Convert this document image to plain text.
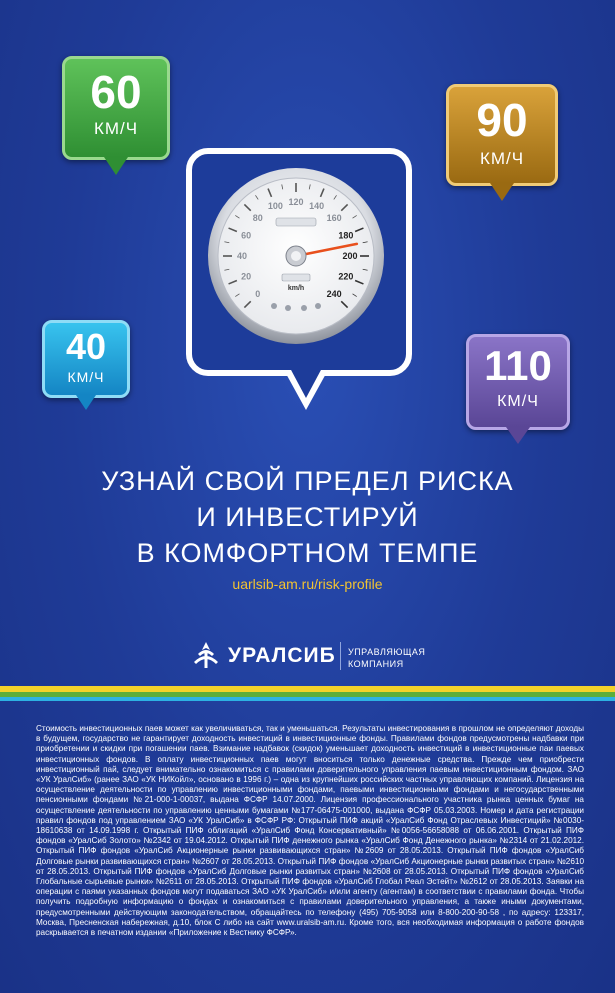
60
КМ/Ч	90
КМ/Ч
40
КМ/Ч	110
КМ/Ч
0
20
40
60
80
100 120 140
160
180
200
220
240
km/h
УЗНАЙ СВОЙ ПРЕДЕЛ РИСКА
И ИНВЕСТИРУЙ
В КОМФОРТНОМ ТЕМПЕ
uarlsib-am.ru/risk-profile
УРАЛСИБ УПРАВЛЯЮЩАЯ
КОМПАНИЯ
Стоимость инвестиционных паев может как увеличиваться, так и уменьшаться. Результаты инвестирования в прошлом не определяют доходы в будущем, государство не гарантирует доходность инвестиций в инвестиционные фонды. Правилами фондов предусмотрены надбавки при приобретении и скидки при погашении паев. Взимание надбавок (скидок) уменьшает доходность инвестиций в инвестиционные паи паевых инвестиционных фондов. В оплату инвестиционных паев могут вноситься только денежные средства. Прежде чем приобрести инвестиционный пай, следует внимательно ознакомиться с правилами доверительного управления паевым инвестиционным фондом. ЗАО «УК УралСиб» (ранее ЗАО «УК НИКойл», основано в 1996 г.) – одна из крупнейших российских частных управляющих компаний. Лицензия на осуществление деятельности по управлению инвестиционными фондами, паевыми инвестиционными фондами и негосударственными пенсионными фондами №21-000-1-00037, выдана ФСФР 14.07.2000. Лицензия профессионального участника рынка ценных бумаг на осуществление деятельности по управлению ценными бумагами №177-06475-001000, выдана ФСФР 05.03.2003. Номер и дата регистрации правил фондов под управлением ЗАО «УК УралСиб» в ФСФР РФ: Открытый ПИФ акций «УралСиб Фонд Отраслевых Инвестиций» №0030-18610638 от 14.09.1998 г. Открытый ПИФ облигаций «УралСиб Фонд Консервативный» №0056-56658088 от 06.06.2001. Открытый ПИФ фондов «УралСиб Золото» №2342 от 19.04.2012. Открытый ПИФ денежного рынка «УралСиб Фонд Денежного рынка» №2314 от 21.02.2012. Открытый ПИФ фондов «УралСиб Акционерные рынки развивающихся стран» №2609 от 28.05.2013. Открытый ПИФ фондов «УралСиб Долговые рынки развивающихся стран» №2607 от 28.05.2013. Открытый ПИФ фондов «УралСиб Акционерные рынки развитых стран» №2610 от 28.05.2013. Открытый ПИФ фондов «УралСиб Долговые рынки развитых стран» №2608 от 28.05.2013. Открытый ПИФ фондов «УралСиб Глобальные сырьевые рынки» №2611 от 28.05.2013. Открытый ПИФ фондов «УралСиб Глобал Реал Эстейт» №2612 от 28.05.2013. Заявки на операции с паями указанных фондов могут подаваться ЗАО «УК УралСиб» и/или агенту (агентам) в соответствии с правилами фонда. Чтобы получить подробную информацию о фондах и ознакомиться с правилами доверительного управления, а также иными документами, предусмотренными действующим законодательством, обращайтесь по телефону (495) 705-9058 или 8-800-200-90-58 , по адресу: 123317, Москва, Пресненская набережная, д.10, блок С либо на сайт www.uralsib-am.ru. Кроме того, вся необходимая информация о работе фондов раскрывается в печатном издании «Приложение к Вестнику ФСФР».
